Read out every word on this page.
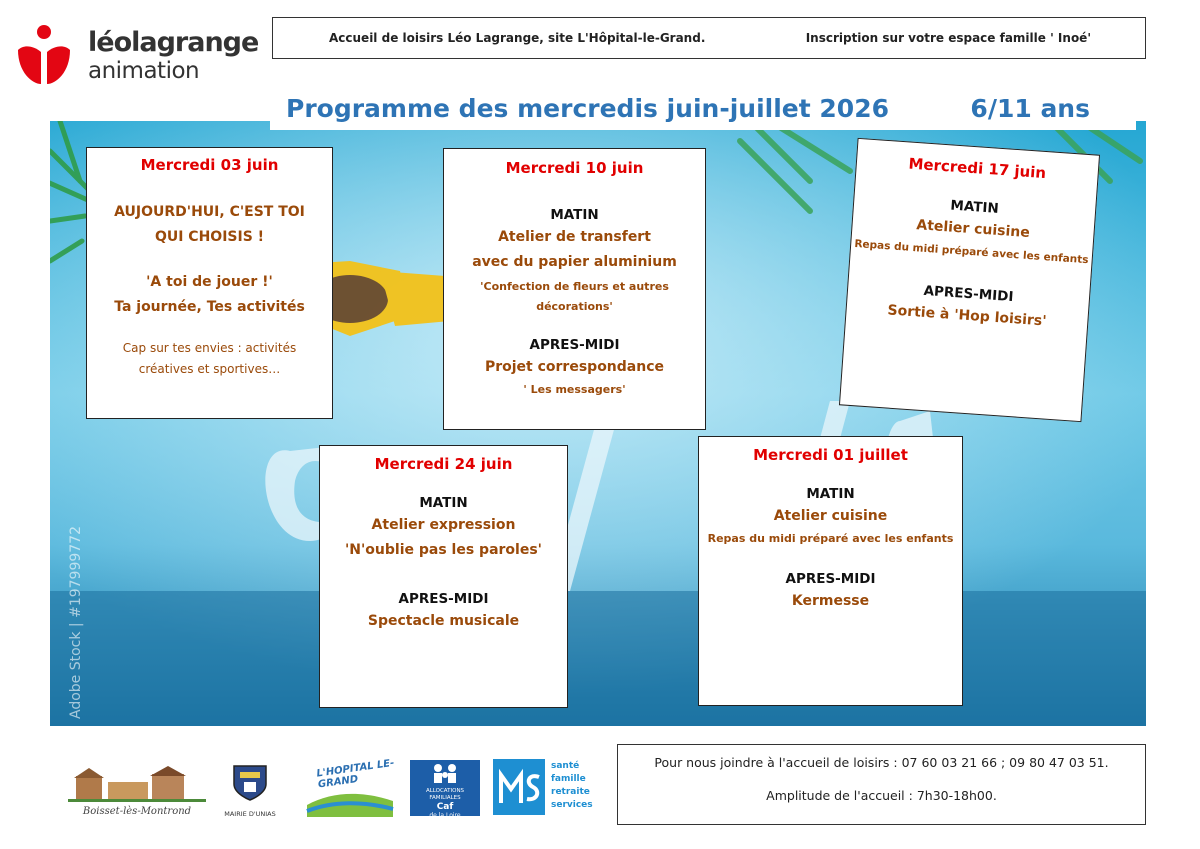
léolagrange
animation
Accueil de loisirs Léo Lagrange, site L'Hôpital-le-Grand.	Inscription sur votre espace famille ' Inoé'
Programme des mercredis juin-juillet 2026	6/11 ans
Adobe Stock | #197999772
Mercredi 03 juin
AUJOURD'HUI, C'EST TOI
QUI CHOISIS !
'A toi de jouer !'
Ta journée, Tes activités
Cap sur tes envies : activités
créatives et sportives…
Mercredi 10 juin
MATIN
Atelier de transfert
avec du papier aluminium
'Confection de fleurs et autres
décorations'
APRES-MIDI
Projet correspondance
' Les messagers'
Mercredi 17 juin
MATIN
Atelier cuisine
Repas du midi préparé avec les enfants
APRES-MIDI
Sortie à 'Hop loisirs'
Mercredi 24 juin
MATIN
Atelier expression
'N'oublie pas les paroles'
APRES-MIDI
Spectacle musicale
Mercredi 01 juillet
MATIN
Atelier cuisine
Repas du midi préparé avec les enfants
APRES-MIDI
Kermesse
Boisset-lès-Montrond	MAIRIE D'UNIAS
L'HOPITAL LE-GRAND
ALLOCATIONS FAMILIALES
Caf
de la Loire
santé
famille
retraite
services
Pour nous joindre à l'accueil de loisirs : 07 60 03 21 66 ; 09 80 47 03 51.
Amplitude de l'accueil : 7h30-18h00.
